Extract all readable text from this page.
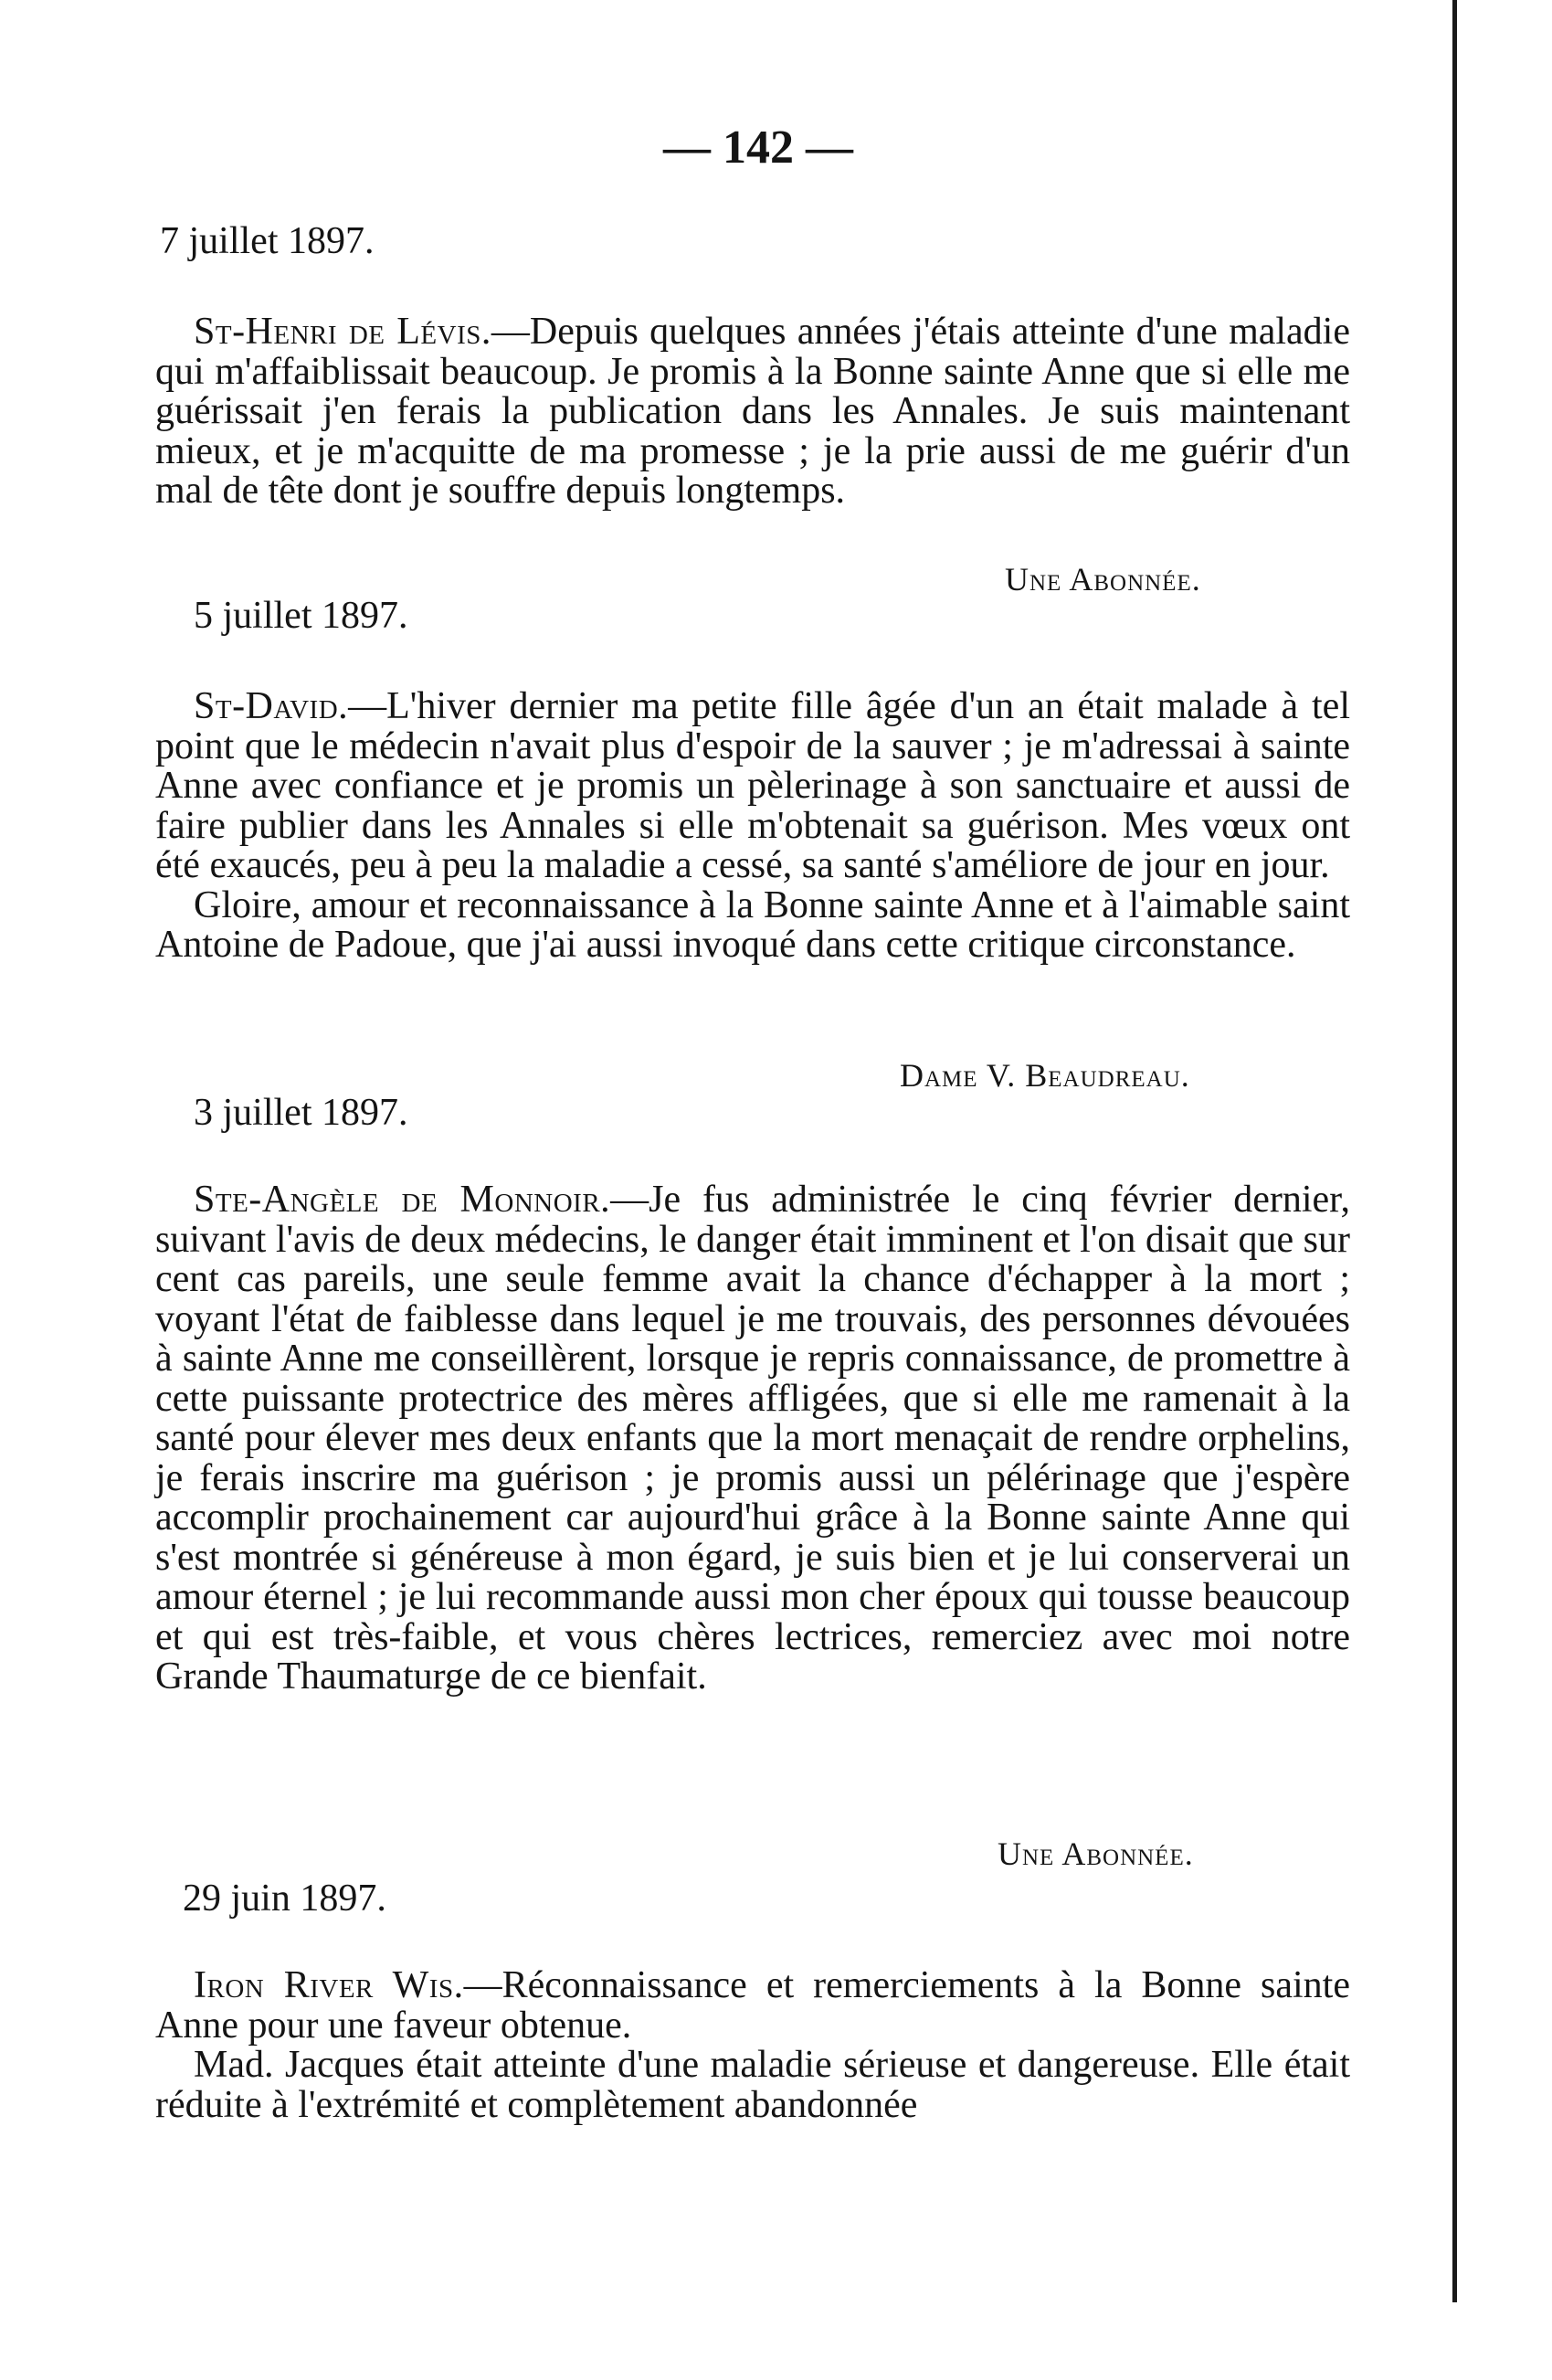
— 142 —
7 juillet 1897.

St-Henri de Lévis.—Depuis quelques années j'étais atteinte d'une maladie qui m'affaiblissait beaucoup. Je promis à la Bonne sainte Anne que si elle me guérissait j'en ferais la publication dans les Annales. Je suis maintenant mieux, et je m'acquitte de ma promesse ; je la prie aussi de me guérir d'un mal de tête dont je souffre depuis longtemps.

Une Abonnée.
5 juillet 1897.

St-David.—L'hiver dernier ma petite fille âgée d'un an était malade à tel point que le médecin n'avait plus d'espoir de la sauver ; je m'adressai à sainte Anne avec confiance et je promis un pèlerinage à son sanctuaire et aussi de faire publier dans les Annales si elle m'obtenait sa guérison. Mes vœux ont été exaucés, peu à peu la maladie a cessé, sa santé s'améliore de jour en jour.

Gloire, amour et reconnaissance à la Bonne sainte Anne et à l'aimable saint Antoine de Padoue, que j'ai aussi invoqué dans cette critique circonstance.

Dame V. Beaudreau.
3 juillet 1897.

Ste-Angèle de Monnoir.—Je fus administrée le cinq février dernier, suivant l'avis de deux médecins, le danger était imminent et l'on disait que sur cent cas pareils, une seule femme avait la chance d'échapper à la mort ; voyant l'état de faiblesse dans lequel je me trouvais, des personnes dévouées à sainte Anne me conseillèrent, lorsque je repris connaissance, de promettre à cette puissante protectrice des mères affligées, que si elle me ramenait à la santé pour élever mes deux enfants que la mort menaçait de rendre orphelins, je ferais inscrire ma guérison ; je promis aussi un pélérinage que j'espère accomplir prochainement car aujourd'hui grâce à la Bonne sainte Anne qui s'est montrée si généreuse à mon égard, je suis bien et je lui conserverai un amour éternel ; je lui recommande aussi mon cher époux qui tousse beaucoup et qui est très-faible, et vous chères lectrices, remerciez avec moi notre Grande Thaumaturge de ce bienfait.

Une Abonnée.
29 juin 1897.

Iron River Wis.—Réconnaissance et remerciements à la Bonne sainte Anne pour une faveur obtenue.

Mad. Jacques était atteinte d'une maladie sérieuse et dangereuse. Elle était réduite à l'extrémité et complètement abandonnée
